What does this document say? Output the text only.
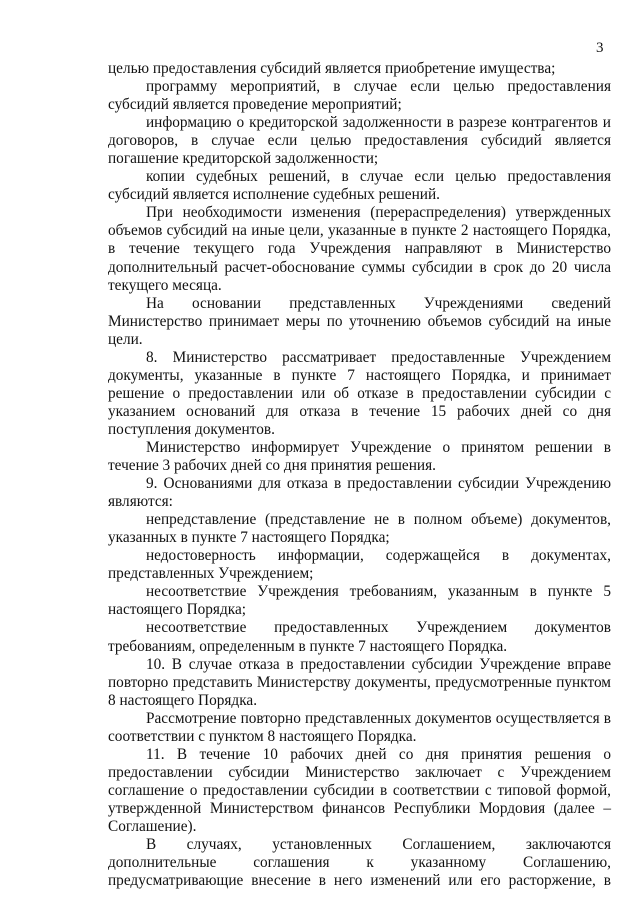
3

целью предоставления субсидий является приобретение имущества;

программу мероприятий, в случае если целью предоставления субсидий является проведение мероприятий;

информацию о кредиторской задолженности в разрезе контрагентов и договоров, в случае если целью предоставления субсидий является погашение кредиторской задолженности;

копии судебных решений, в случае если целью предоставления субсидий является исполнение судебных решений.

При необходимости изменения (перераспределения) утвержденных объемов субсидий на иные цели, указанные в пункте 2 настоящего Порядка, в течение текущего года Учреждения направляют в Министерство дополнительный расчет-обоснование суммы субсидии в срок до 20 числа текущего месяца.

На основании представленных Учреждениями сведений Министерство принимает меры по уточнению объемов субсидий на иные цели.

8. Министерство рассматривает предоставленные Учреждением документы, указанные в пункте 7 настоящего Порядка, и принимает решение о предоставлении или об отказе в предоставлении субсидии с указанием оснований для отказа в течение 15 рабочих дней со дня поступления документов.

Министерство информирует Учреждение о принятом решении в течение 3 рабочих дней со дня принятия решения.

9. Основаниями для отказа в предоставлении субсидии Учреждению являются:

непредставление (представление не в полном объеме) документов, указанных в пункте 7 настоящего Порядка;

недостоверность информации, содержащейся в документах, представленных Учреждением;

несоответствие Учреждения требованиям, указанным в пункте 5 настоящего Порядка;

несоответствие предоставленных Учреждением документов требованиям, определенным в пункте 7 настоящего Порядка.

10. В случае отказа в предоставлении субсидии Учреждение вправе повторно представить Министерству документы, предусмотренные пунктом 8 настоящего Порядка.

Рассмотрение повторно представленных документов осуществляется в соответствии с пунктом 8 настоящего Порядка.

11. В течение 10 рабочих дней со дня принятия решения о предоставлении субсидии Министерство заключает с Учреждением соглашение о предоставлении субсидии в соответствии с типовой формой, утвержденной Министерством финансов Республики Мордовия (далее – Соглашение).

В случаях, установленных Соглашением, заключаются дополнительные соглашения к указанному Соглашению, предусматривающие внесение в него изменений или его расторжение, в
